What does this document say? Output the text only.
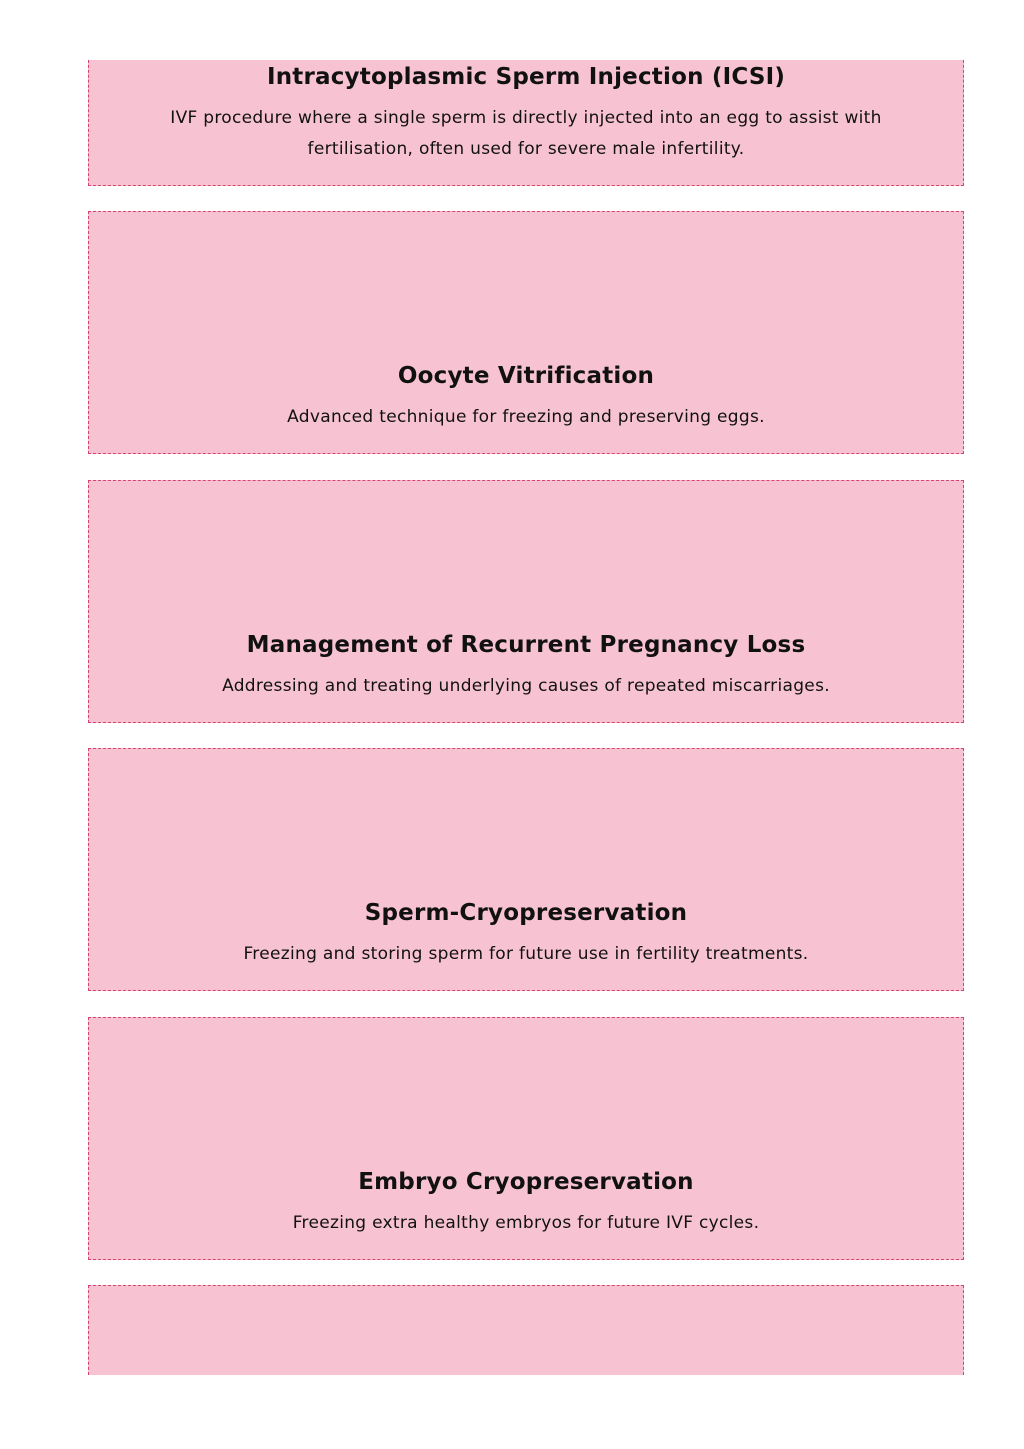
Intracytoplasmic Sperm Injection (ICSI)

IVF procedure where a single sperm is directly injected into an egg to assist with fertilisation, often used for severe male infertility.

Oocyte Vitrification

Advanced technique for freezing and preserving eggs.

Management of Recurrent Pregnancy Loss

Addressing and treating underlying causes of repeated miscarriages.

Sperm-Cryopreservation

Freezing and storing sperm for future use in fertility treatments.

Embryo Cryopreservation

Freezing extra healthy embryos for future IVF cycles.
